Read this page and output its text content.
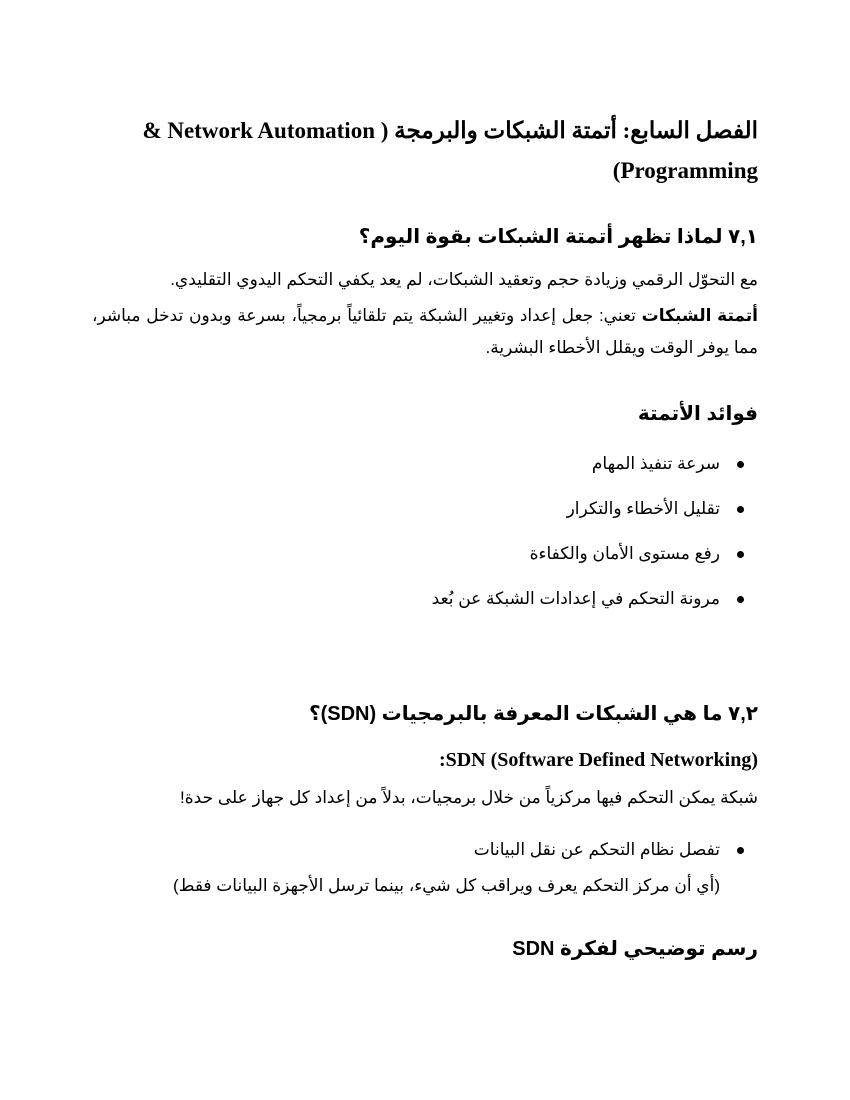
الفصل السابع: أتمتة الشبكات والبرمجة ( Network Automation &
(Programming
٧,١ لماذا تظهر أتمتة الشبكات بقوة اليوم؟
مع التحوّل الرقمي وزيادة حجم وتعقيد الشبكات، لم يعد يكفي التحكم اليدوي التقليدي.
أتمتة الشبكات تعني: جعل إعداد وتغيير الشبكة يتم تلقائياً برمجياً، بسرعة وبدون تدخل مباشر، مما يوفر الوقت ويقلل الأخطاء البشرية.
فوائد الأتمتة
سرعة تنفيذ المهام
تقليل الأخطاء والتكرار
رفع مستوى الأمان والكفاءة
مرونة التحكم في إعدادات الشبكة عن بُعد
٧,٢ ما هي الشبكات المعرفة بالبرمجيات (SDN)؟
:SDN (Software Defined Networking)
شبكة يمكن التحكم فيها مركزياً من خلال برمجيات، بدلاً من إعداد كل جهاز على حدة!
تفصل نظام التحكم عن نقل البيانات
(أي أن مركز التحكم يعرف ويراقب كل شيء، بينما ترسل الأجهزة البيانات فقط)
رسم توضيحي لفكرة SDN
